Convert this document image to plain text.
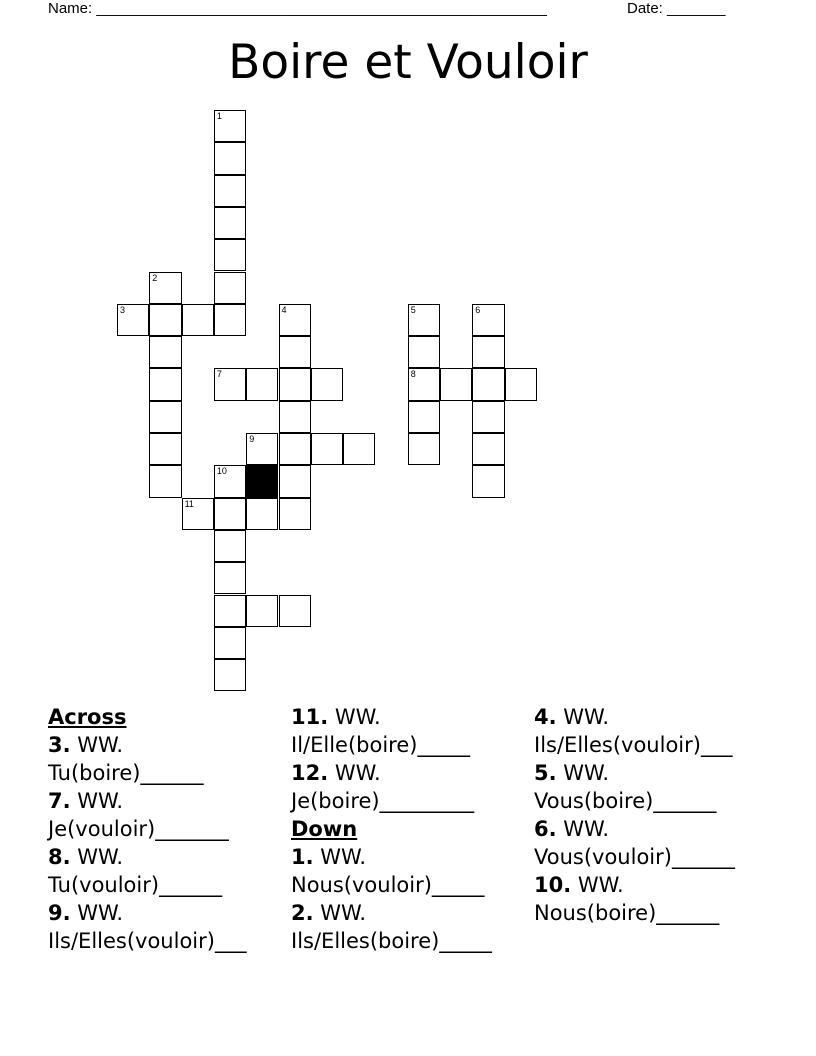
Name: ______________________________________________________	Date: _______
Boire et Vouloir
1
2
3	4
7
9
10
11
5
8
6
Across
3. WW.
Tu(boire)______
7. WW.
Je(vouloir)_______
8. WW.
Tu(vouloir)______
9. WW.
Ils/Elles(vouloir)___
11. WW.
Il/Elle(boire)_____
12. WW.
Je(boire)_________
Down
1. WW.
Nous(vouloir)_____
2. WW.
Ils/Elles(boire)_____
4. WW.
Ils/Elles(vouloir)___
5. WW.
Vous(boire)______
6. WW.
Vous(vouloir)______
10. WW.
Nous(boire)______
